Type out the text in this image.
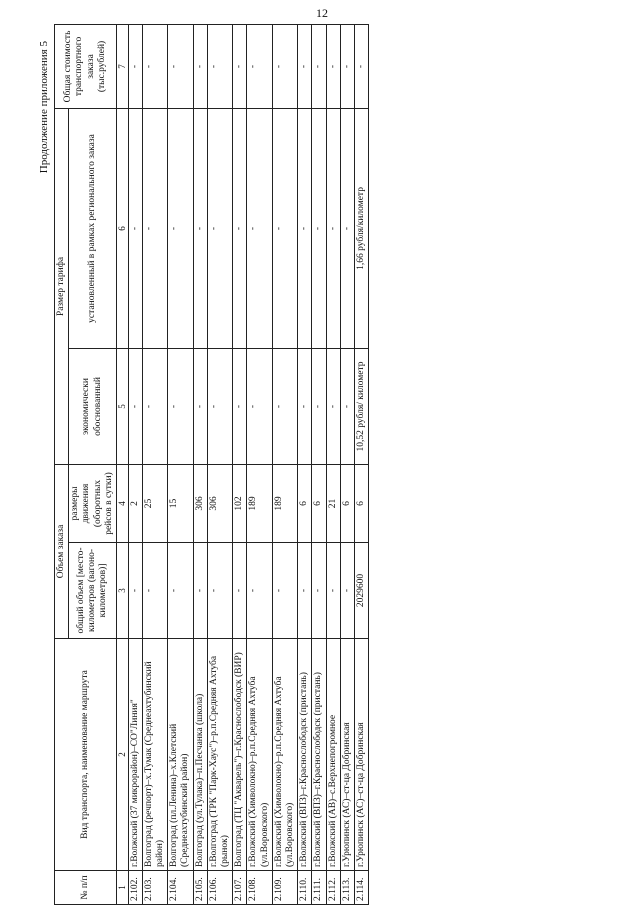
12
Продолжение приложения 5
№ п/п	Вид транспорта, наименование маршрута	Объем заказа		Размер тарифа		Общая стоимость транспортного заказа (тыс.рублей)
		общий объем [место-километров (вагоно-километров)]	размеры движения (оборотных рейсов в сутки)	экономически обоснованный	установленный в рамках регионального заказа	
1	2	3	4	5	6	7
2.102.	г.Волжский (37 микрорайон)–СО"Линия"	-	2	-	-	-
2.103.	Волгоград (речпорт)–х.Тумак (Среднеахтубинский район)	-	25	-	-	-
2.104.	Волгоград (пл.Ленина)–х.Клетский (Среднеахтубинский район)	-	15	-	-	-
2.105.	Волгоград (ул.Тулака)–п.Песчанка (школа)	-	306	-	-	-
2.106.	г.Волгоград (ТРК "Парк-Хаус")–р.п.Средняя Ахтуба (рынок)	-	306	-	-	-
2.107.	Волгоград (ТЦ "Акварель")–г.Краснослободск (ВИР)	-	102	-	-	-
2.108.	г.Волжский (Химволокно)–р.п.Средняя Ахтуба (ул.Воровского)	-	189	-	-	-
2.109.	г.Волжский (Химволокно)–р.п.Средняя Ахтуба (ул.Воровского)	-	189	-	-	-
2.110.	г.Волжский (ВПЗ)–г.Краснослободск (пристань)	-	6	-	-	-
2.111.	г.Волжский (ВПЗ)–г.Краснослободск (пристань)	-	6	-	-	-
2.112.	г.Волжский (АВ)–с.Верхнепогромное	-	21	-	-	-
2.113.	г.Урюпинск (АС)–ст-ца Добринская	-	6	-	-	-
2.114.	г.Урюпинск (АС)–ст-ца Добринская	2029600	6	10,52 рубля/ километр	1,66 рубля/километр	-
